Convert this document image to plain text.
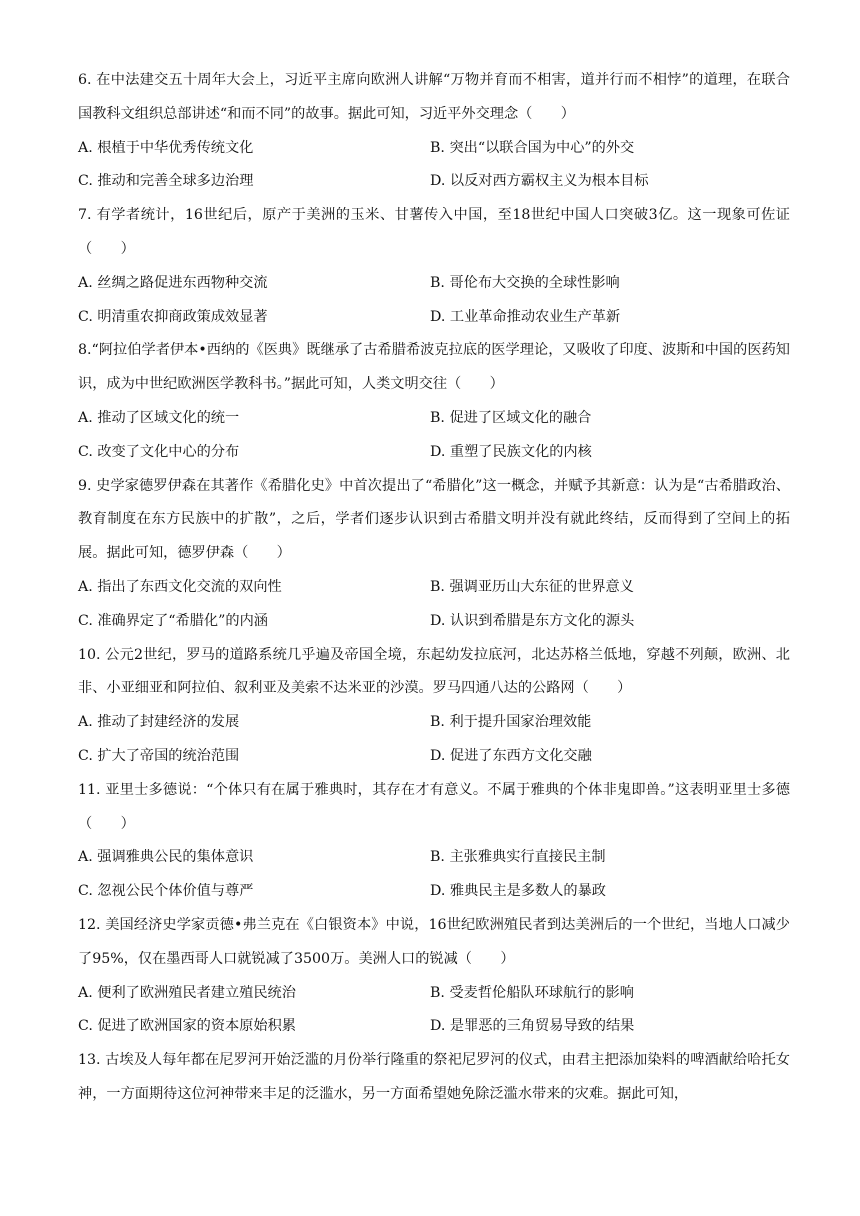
6. 在中法建交五十周年大会上，习近平主席向欧洲人讲解“万物并育而不相害，道并行而不相悖”的道理，在联合国教科文组织总部讲述“和而不同”的故事。据此可知，习近平外交理念（　　）

A. 根植于中华优秀传统文化	B. 突出“以联合国为中心”的外交
C. 推动和完善全球多边治理	D. 以反对西方霸权主义为根本目标

7. 有学者统计，16世纪后，原产于美洲的玉米、甘薯传入中国，至18世纪中国人口突破3亿。这一现象可佐证（　　）

A. 丝绸之路促进东西物种交流	B. 哥伦布大交换的全球性影响
C. 明清重农抑商政策成效显著	D. 工业革命推动农业生产革新

8.“阿拉伯学者伊本•西纳的《医典》既继承了古希腊希波克拉底的医学理论，又吸收了印度、波斯和中国的医药知识，成为中世纪欧洲医学教科书。”据此可知，人类文明交往（　　）

A. 推动了区域文化的统一	B. 促进了区域文化的融合
C. 改变了文化中心的分布	D. 重塑了民族文化的内核

9. 史学家德罗伊森在其著作《希腊化史》中首次提出了“希腊化”这一概念，并赋予其新意：认为是“古希腊政治、教育制度在东方民族中的扩散”，之后，学者们逐步认识到古希腊文明并没有就此终结，反而得到了空间上的拓展。据此可知，德罗伊森（　　）

A. 指出了东西文化交流的双向性	B. 强调亚历山大东征的世界意义
C. 准确界定了“希腊化”的内涵	D. 认识到希腊是东方文化的源头

10. 公元2世纪，罗马的道路系统几乎遍及帝国全境，东起幼发拉底河，北达苏格兰低地，穿越不列颠，欧洲、北非、小亚细亚和阿拉伯、叙利亚及美索不达米亚的沙漠。罗马四通八达的公路网（　　）

A. 推动了封建经济的发展	B. 利于提升国家治理效能
C. 扩大了帝国的统治范围	D. 促进了东西方文化交融

11. 亚里士多德说：“个体只有在属于雅典时，其存在才有意义。不属于雅典的个体非鬼即兽。”这表明亚里士多德（　　）

A. 强调雅典公民的集体意识	B. 主张雅典实行直接民主制
C. 忽视公民个体价值与尊严	D. 雅典民主是多数人的暴政

12. 美国经济史学家贡德•弗兰克在《白银资本》中说，16世纪欧洲殖民者到达美洲后的一个世纪，当地人口减少了95%，仅在墨西哥人口就锐减了3500万。美洲人口的锐减（　　）

A. 便利了欧洲殖民者建立殖民统治	B. 受麦哲伦船队环球航行的影响
C. 促进了欧洲国家的资本原始积累	D. 是罪恶的三角贸易导致的结果

13. 古埃及人每年都在尼罗河开始泛滥的月份举行隆重的祭祀尼罗河的仪式，由君主把添加染料的啤酒献给哈托女神，一方面期待这位河神带来丰足的泛滥水，另一方面希望她免除泛滥水带来的灾难。据此可知，
